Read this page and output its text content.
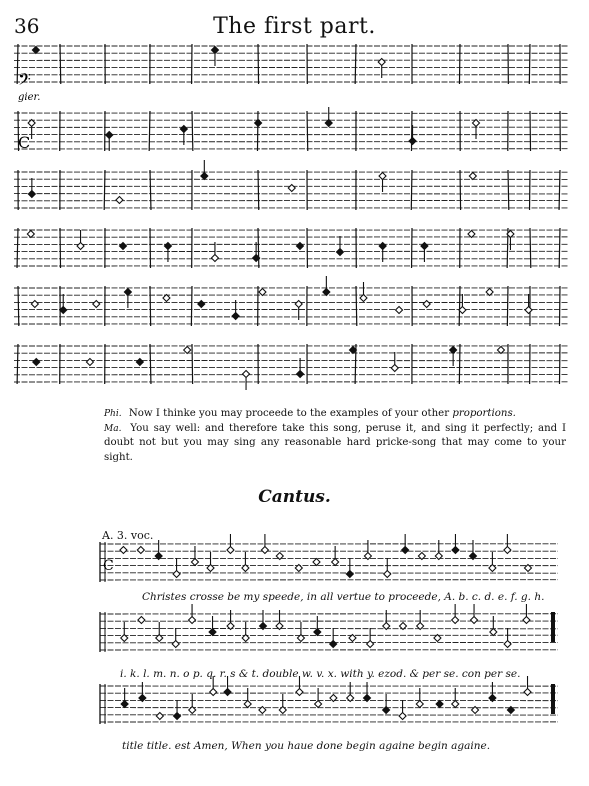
36	The first part.
𝄢
C
C
gier.

Phi. Now I thinke you may proceede to the examples of your other proportions.

Ma. You say well: and therefore take this song, peruse it, and sing it perfectly; and I doubt not but you may sing any reasonable hard pricke-song that may come to your sight.

Cantus.
A. 3. voc.
Christes crosse be my speede, in all vertue to proceede, A. b. c. d. e. f. g. h.
i. k. l. m. n. o p. q. r. s & t. double w. v. x. with y. ezod. & per se. con per se.
title title. est Amen, When you haue done begin againe begin againe.
